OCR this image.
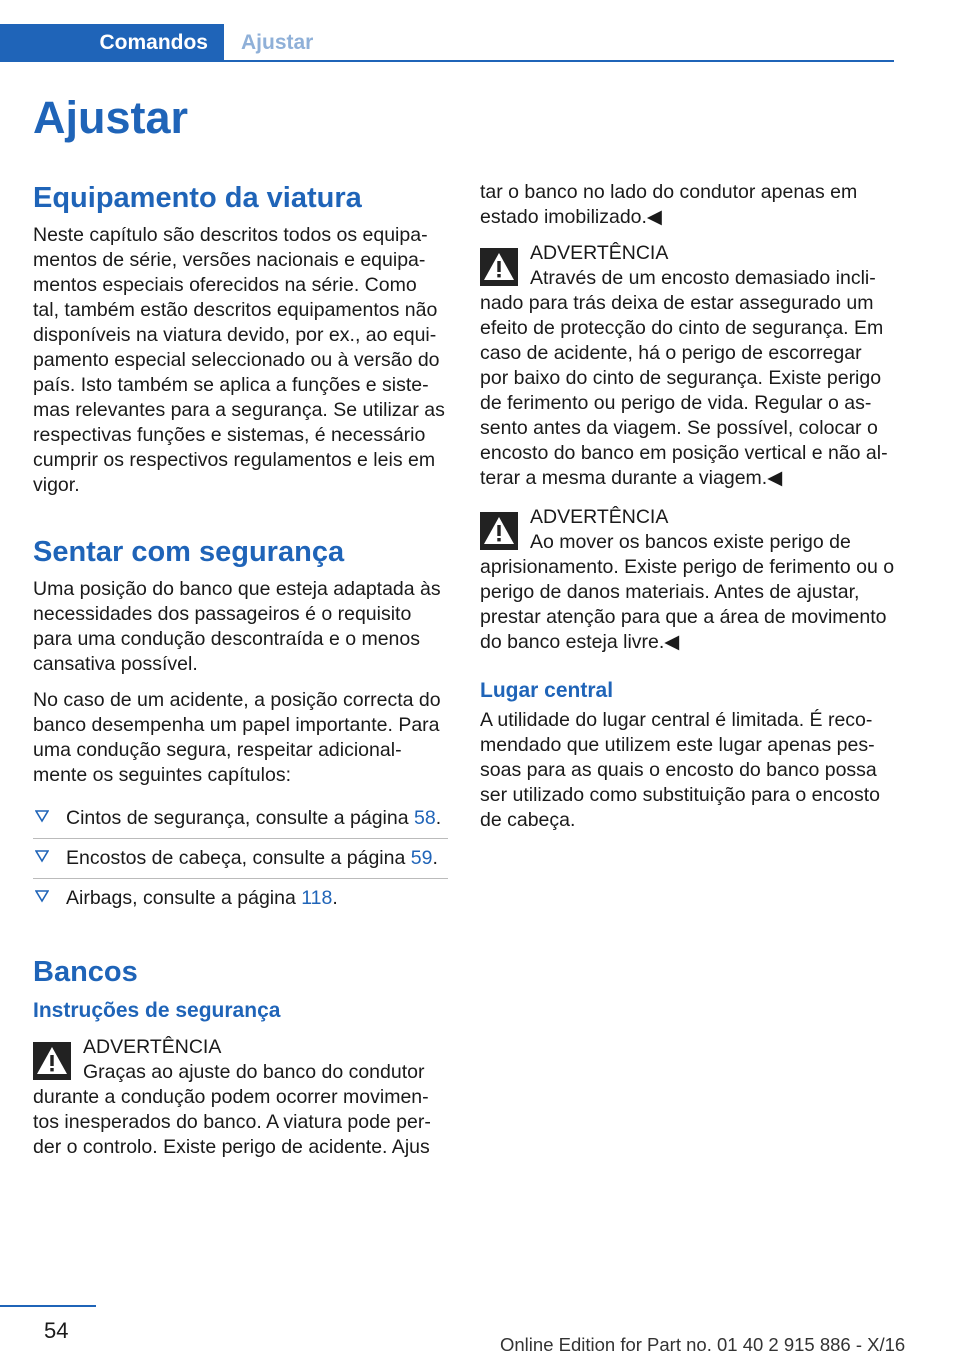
Comandos Ajustar
Ajustar
Equipamento da viatura

Neste capítulo são descritos todos os equipamentos de série, versões nacionais e equipamentos especiais oferecidos na série. Como tal, também estão descritos equipamentos não disponíveis na viatura devido, por ex., ao equipamento especial seleccionado ou à versão do país. Isto também se aplica a funções e sistemas relevantes para a segurança. Se utilizar as respectivas funções e sistemas, é necessário cumprir os respectivos regulamentos e leis em vigor.

Sentar com segurança

Uma posição do banco que esteja adaptada às necessidades dos passageiros é o requisito para uma condução descontraída e o menos cansativa possível.

No caso de um acidente, a posição correcta do banco desempenha um papel importante. Para uma condução segura, respeitar adicionalmente os seguintes capítulos:

Cintos de segurança, consulte a página 58.
Encostos de cabeça, consulte a página 59.
Airbags, consulte a página 118.
Bancos
Instruções de segurança
ADVERTÊNCIA
Graças ao ajuste do banco do condutor durante a condução podem ocorrer movimentos inesperados do banco. A viatura pode perder o controlo. Existe perigo de acidente. Ajus

tar o banco no lado do condutor apenas em estado imobilizado.◀

ADVERTÊNCIA
Através de um encosto demasiado inclinado para trás deixa de estar assegurado um efeito de protecção do cinto de segurança. Em caso de acidente, há o perigo de escorregar por baixo do cinto de segurança. Existe perigo de ferimento ou perigo de vida. Regular o assento antes da viagem. Se possível, colocar o encosto do banco em posição vertical e não alterar a mesma durante a viagem.◀
ADVERTÊNCIA
Ao mover os bancos existe perigo de aprisionamento. Existe perigo de ferimento ou o perigo de danos materiais. Antes de ajustar, prestar atenção para que a área de movimento do banco esteja livre.◀
Lugar central

A utilidade do lugar central é limitada. É recomendado que utilizem este lugar apenas pessoas para as quais o encosto do banco possa ser utilizado como substituição para o encosto de cabeça.

54
Online Edition for Part no. 01 40 2 915 886 - X/16
